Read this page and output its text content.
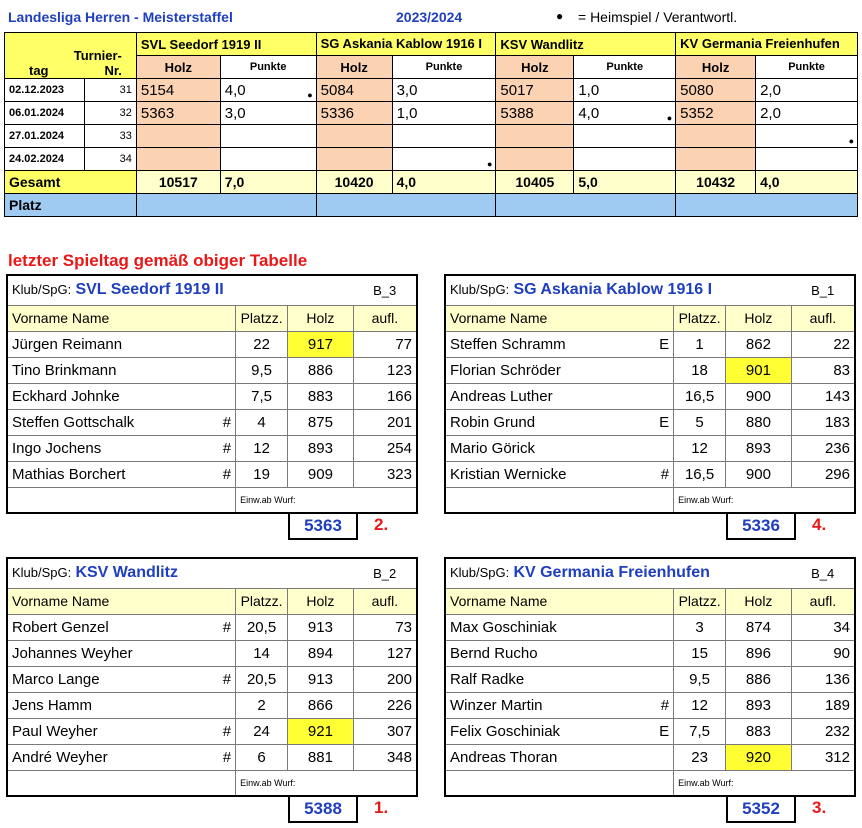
Landesliga Herren - Meisterstaffel	2023/2024	● = Heimspiel / Verantwortl.
Turnier-
tag Nr.		SVL Seedorf 1919 II		SG Askania Kablow 1916 I		KSV Wandlitz		KV Germania Freienhufen	
		Holz	Punkte	Holz	Punkte	Holz	Punkte	Holz	Punkte
02.12.2023	31	5154	4,0 ●	5084	3,0	5017	1,0	5080	2,0
06.01.2024	32	5363	3,0	5336	1,0	5388	4,0 ●	5352	2,0
27.01.2024	33								●
24.02.2024	34				●				
Gesamt		10517	7,0	10420	4,0	10405	5,0	10432	4,0
Platz									
letzter Spieltag gemäß obiger Tabelle
Klub/SpG: SVL Seedorf 1919 II				B_3
Vorname Name		Platzz.	Holz	aufl.
Jürgen Reimann		22	917	77
Tino Brinkmann		9,5	886	123
Eckhard Johnke		7,5	883	166
Steffen Gottschalk	#	4	875	201
Ingo Jochens	#	12	893	254
Mathias Borchert	#	19	909	323
		Einw.ab Wurf:		
5363	2.
Klub/SpG: SG Askania Kablow 1916 I				B_1
Vorname Name		Platzz.	Holz	aufl.
Steffen Schramm	E	1	862	22
Florian Schröder		18	901	83
Andreas Luther		16,5	900	143
Robin Grund	E	5	880	183
Mario Görick		12	893	236
Kristian Wernicke	#	16,5	900	296
		Einw.ab Wurf:		
5336	4.
Klub/SpG: KSV Wandlitz				B_2
Vorname Name		Platzz.	Holz	aufl.
Robert Genzel	#	20,5	913	73
Johannes Weyher		14	894	127
Marco Lange	#	20,5	913	200
Jens Hamm		2	866	226
Paul Weyher	#	24	921	307
André Weyher	#	6	881	348
		Einw.ab Wurf:		
5388	1.
Klub/SpG: KV Germania Freienhufen				B_4
Vorname Name		Platzz.	Holz	aufl.
Max Goschiniak		3	874	34
Bernd Rucho		15	896	90
Ralf Radke		9,5	886	136
Winzer Martin	#	12	893	189
Felix Goschiniak	E	7,5	883	232
Andreas Thoran		23	920	312
		Einw.ab Wurf:		
5352	3.
